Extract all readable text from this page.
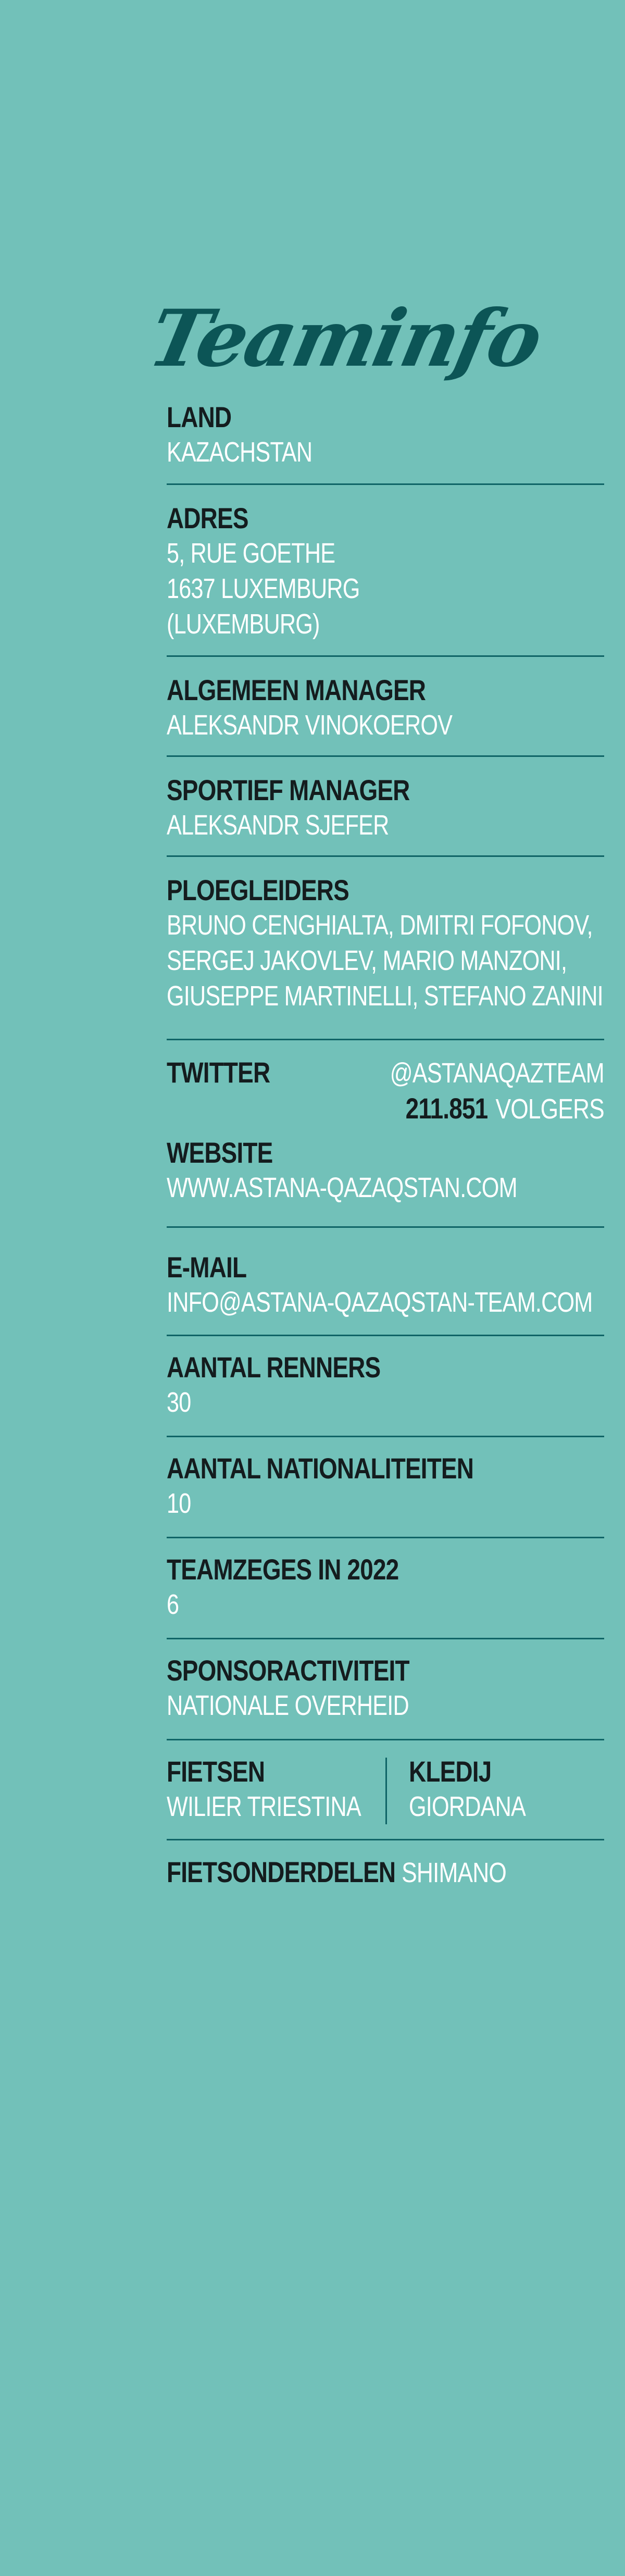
Teaminfo
LAND
KAZACHSTAN
ADRES
5, RUE GOETHE
1637 LUXEMBURG
(LUXEMBURG)
ALGEMEEN MANAGER
ALEKSANDR VINOKOEROV
SPORTIEF MANAGER
ALEKSANDR SJEFER
PLOEGLEIDERS
BRUNO CENGHIALTA, DMITRI FOFONOV,
SERGEJ JAKOVLEV, MARIO MANZONI,
GIUSEPPE MARTINELLI, STEFANO ZANINI
TWITTER	@ASTANAQAZTEAM
211.851 VOLGERS
WEBSITE
WWW.ASTANA-QAZAQSTAN.COM
E-MAIL
INFO@ASTANA-QAZAQSTAN-TEAM.COM
AANTAL RENNERS
30
AANTAL NATIONALITEITEN
10
TEAMZEGES IN 2022
6
SPONSORACTIVITEIT
NATIONALE OVERHEID
FIETSEN
WILIER TRIESTINA
KLEDIJ
GIORDANA
FIETSONDERDELEN SHIMANO
